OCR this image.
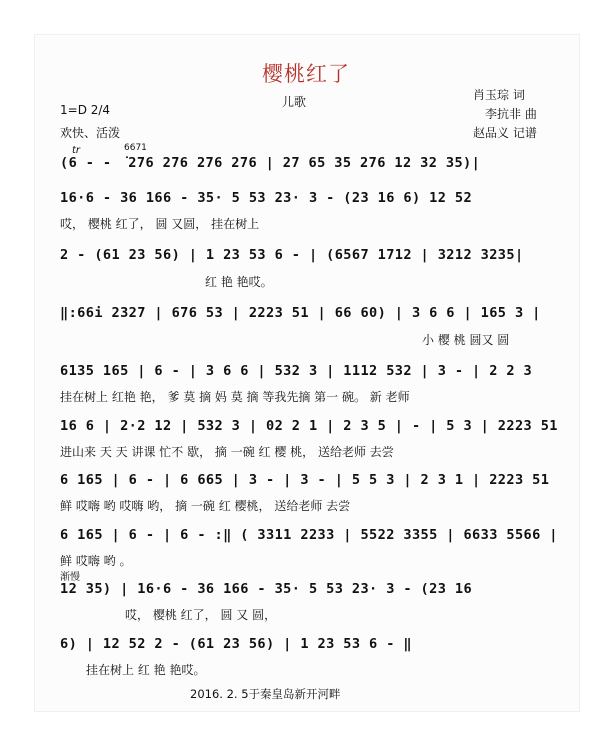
樱桃红了
儿歌
1=D 2/4
欢快、活泼
肖玉琮 词
李抗非 曲
赵品义 记谱
tr	6671
(6 - - ͘276 276 276 276 | 27 65 35 276 12 32 35)|
16·6 - 36 166 - 35· 5 53 23· 3 - (23 16 6) 12 52
哎， 樱桃 红了， 圆 又圆， 挂在树上
2 - (61 23 56) | 1 23 53 6 - | (6567 1712 | 3212 3235|
红 艳 艳哎。
‖:66i 2327 | 676 53 | 2223 51 | 66 60) | 3 6 6 | 165 3 |
小 樱 桃 圆又 圆
6135 165 | 6 - | 3 6 6 | 532 3 | 1112 532 | 3 - | 2 2 3
挂在树上 红艳 艳， 爹 莫 摘 妈 莫 摘 等我先摘 第一 碗。 新 老师
16 6 | 2·2 12 | 532 3 | 02 2 1 | 2 3 5 | - | 5 3 | 2223 51
进山来 天 天 讲课 忙不 歇， 摘 一碗 红 樱 桃， 送给老师 去尝
6 165 | 6 - | 6 665 | 3 - | 3 - | 5 5 3 | 2 3 1 | 2223 51
鲜 哎嗨 哟 哎嗨 哟， 摘 一碗 红 樱桃， 送给老师 去尝
6 165 | 6 - | 6 - :‖ ( 3311 2233 | 5522 3355 | 6633 5566 |
鲜 哎嗨 哟 。
渐慢
12 35) | 16·6 - 36 166 - 35· 5 53 23· 3 - (23 16
哎， 樱桃 红了， 圆 又 圆，
6) | 12 52 2 - (61 23 56) | 1 23 53 6 - ‖
挂在树上 红 艳 艳哎。
2016. 2. 5于秦皇岛新开河畔
